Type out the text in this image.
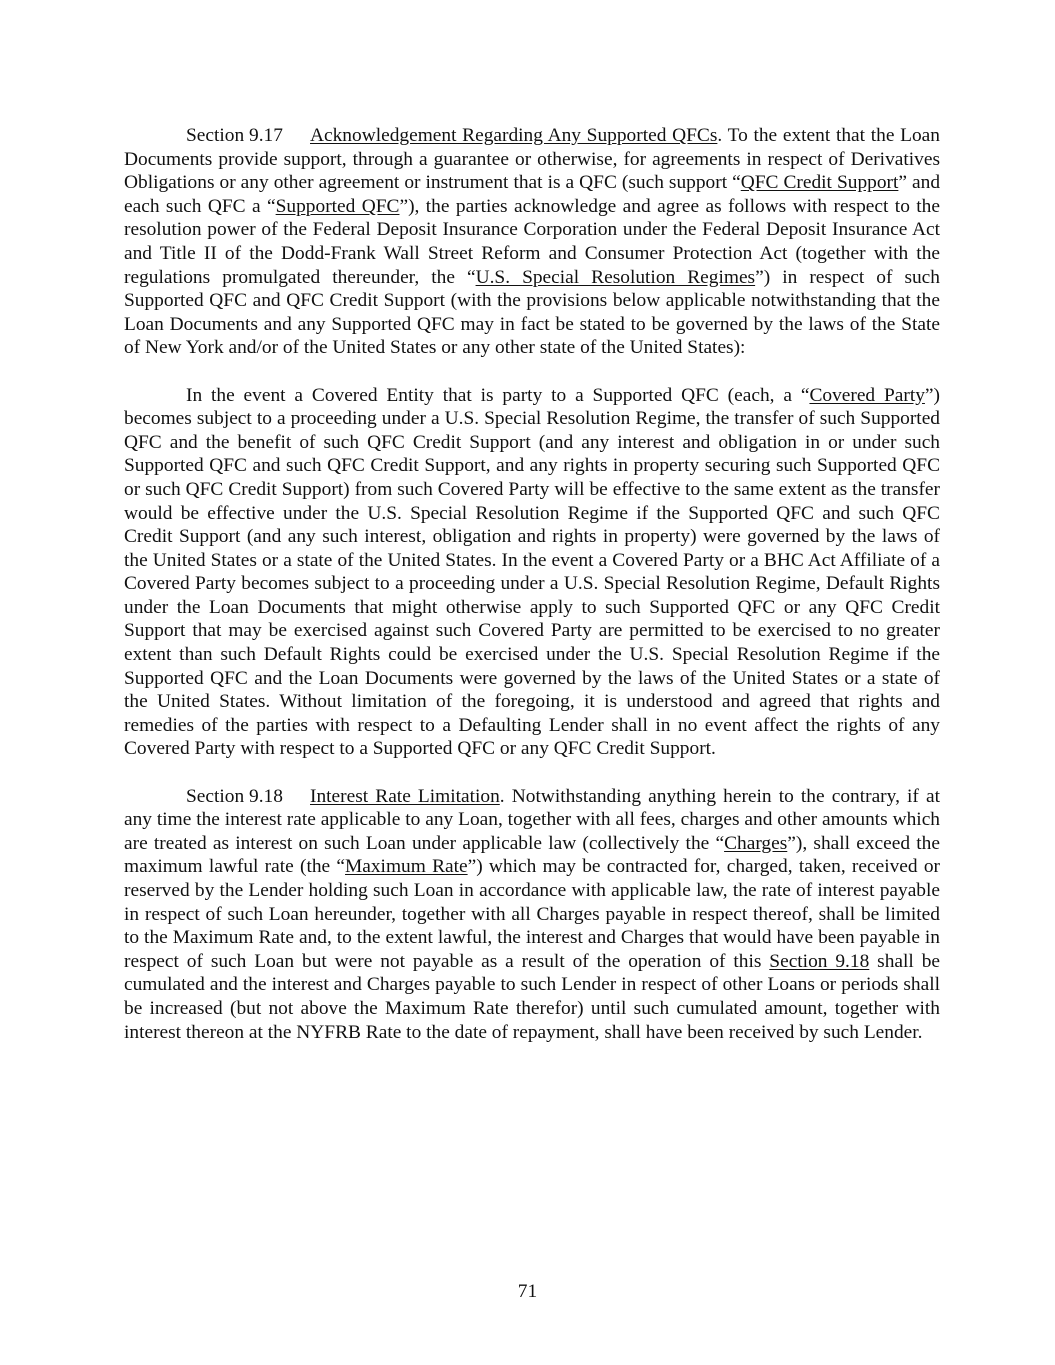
Section 9.17 Acknowledgement Regarding Any Supported QFCs. To the extent that the Loan Documents provide support, through a guarantee or otherwise, for agreements in respect of Derivatives Obligations or any other agreement or instrument that is a QFC (such support “QFC Credit Support” and each such QFC a “Supported QFC”), the parties acknowledge and agree as follows with respect to the resolution power of the Federal Deposit Insurance Corporation under the Federal Deposit Insurance Act and Title II of the Dodd-Frank Wall Street Reform and Consumer Protection Act (together with the regulations promulgated thereunder, the “U.S. Special Resolution Regimes”) in respect of such Supported QFC and QFC Credit Support (with the provisions below applicable notwithstanding that the Loan Documents and any Supported QFC may in fact be stated to be governed by the laws of the State of New York and/or of the United States or any other state of the United States):

In the event a Covered Entity that is party to a Supported QFC (each, a “Covered Party”) becomes subject to a proceeding under a U.S. Special Resolution Regime, the transfer of such Supported QFC and the benefit of such QFC Credit Support (and any interest and obligation in or under such Supported QFC and such QFC Credit Support, and any rights in property securing such Supported QFC or such QFC Credit Support) from such Covered Party will be effective to the same extent as the transfer would be effective under the U.S. Special Resolution Regime if the Supported QFC and such QFC Credit Support (and any such interest, obligation and rights in property) were governed by the laws of the United States or a state of the United States. In the event a Covered Party or a BHC Act Affiliate of a Covered Party becomes subject to a proceeding under a U.S. Special Resolution Regime, Default Rights under the Loan Documents that might otherwise apply to such Supported QFC or any QFC Credit Support that may be exercised against such Covered Party are permitted to be exercised to no greater extent than such Default Rights could be exercised under the U.S. Special Resolution Regime if the Supported QFC and the Loan Documents were governed by the laws of the United States or a state of the United States. Without limitation of the foregoing, it is understood and agreed that rights and remedies of the parties with respect to a Defaulting Lender shall in no event affect the rights of any Covered Party with respect to a Supported QFC or any QFC Credit Support.

Section 9.18 Interest Rate Limitation. Notwithstanding anything herein to the contrary, if at any time the interest rate applicable to any Loan, together with all fees, charges and other amounts which are treated as interest on such Loan under applicable law (collectively the “Charges”), shall exceed the maximum lawful rate (the “Maximum Rate”) which may be contracted for, charged, taken, received or reserved by the Lender holding such Loan in accordance with applicable law, the rate of interest payable in respect of such Loan hereunder, together with all Charges payable in respect thereof, shall be limited to the Maximum Rate and, to the extent lawful, the interest and Charges that would have been payable in respect of such Loan but were not payable as a result of the operation of this Section 9.18 shall be cumulated and the interest and Charges payable to such Lender in respect of other Loans or periods shall be increased (but not above the Maximum Rate therefor) until such cumulated amount, together with interest thereon at the NYFRB Rate to the date of repayment, shall have been received by such Lender.

71
